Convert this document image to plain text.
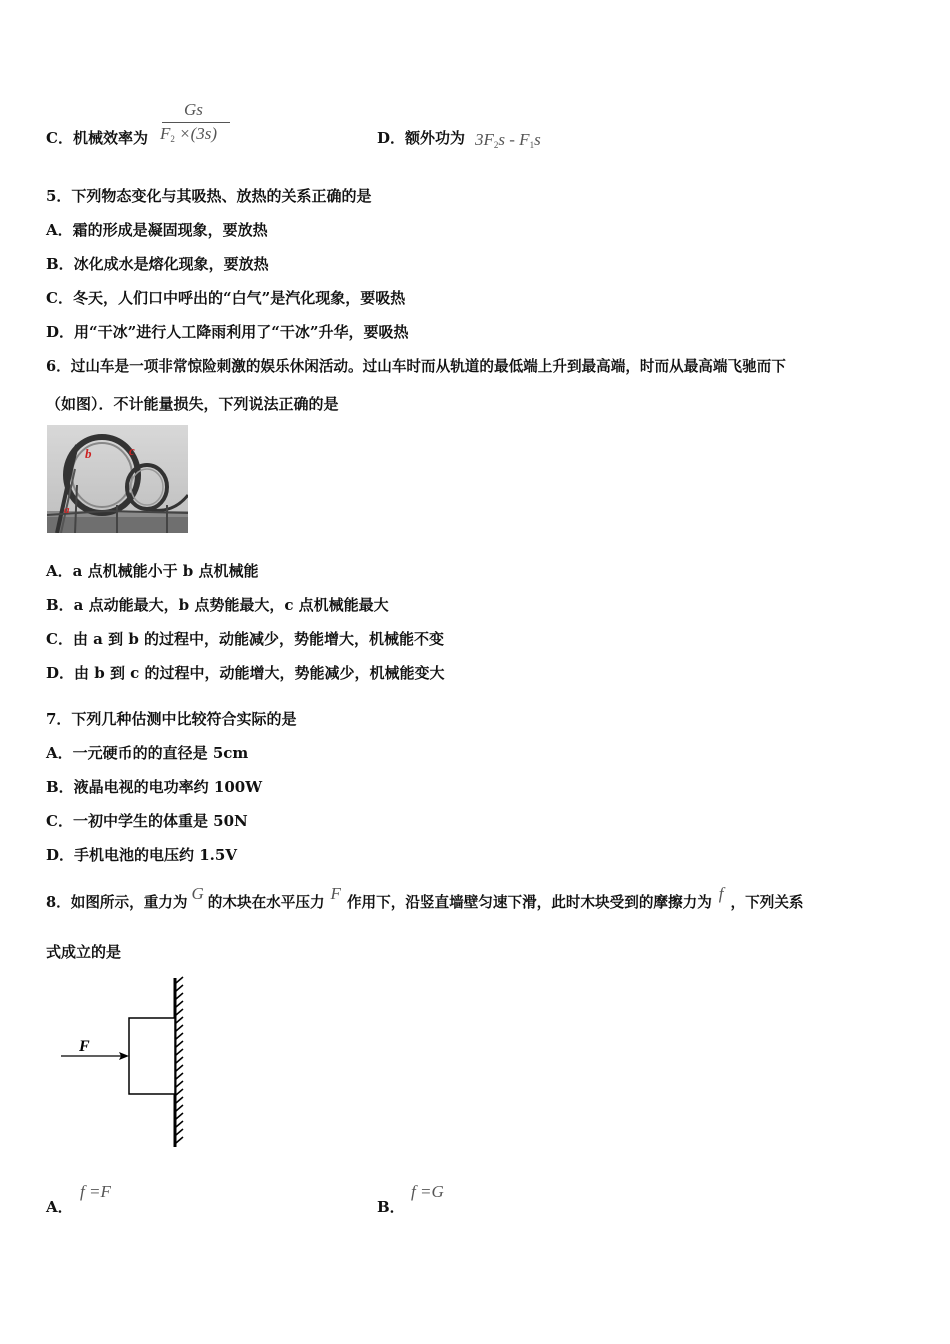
C．机械效率为
Gs
$F_2 \times(3s)$	D．额外功为 $3F_2s - F_1s$
5．下列物态变化与其吸热、放热的关系正确的是
A．霜的形成是凝固现象，要放热
B．冰化成水是熔化现象，要放热
C．冬天，人们口中呼出的“白气”是汽化现象，要吸热
D．用“干冰”进行人工降雨利用了“干冰”升华，要吸热
6．过山车是一项非常惊险刺激的娱乐休闲活动。过山车时而从轨道的最低端上升到最高端，时而从最高端飞驰而下
（如图）．不计能量损失，下列说法正确的是
b	c
a
A．a 点机械能小于 b 点机械能
B．a 点动能最大，b 点势能最大，c 点机械能最大
C．由 a 到 b 的过程中，动能减少，势能增大，机械能不变
D．由 b 到 c 的过程中，动能增大，势能减少，机械能变大
7．下列几种估测中比较符合实际的是
A．一元硬币的的直径是 5cm
B．液晶电视的电功率约 100W
C．一初中学生的体重是 50N
D．手机电池的电压约 1.5V
8．如图所示，重力为 G 的木块在水平压力 F 作用下，沿竖直墙壁匀速下滑，此时木块受到的摩擦力为 f ，下列关系
式成立的是
F
A．
f =F
B．
f =G
